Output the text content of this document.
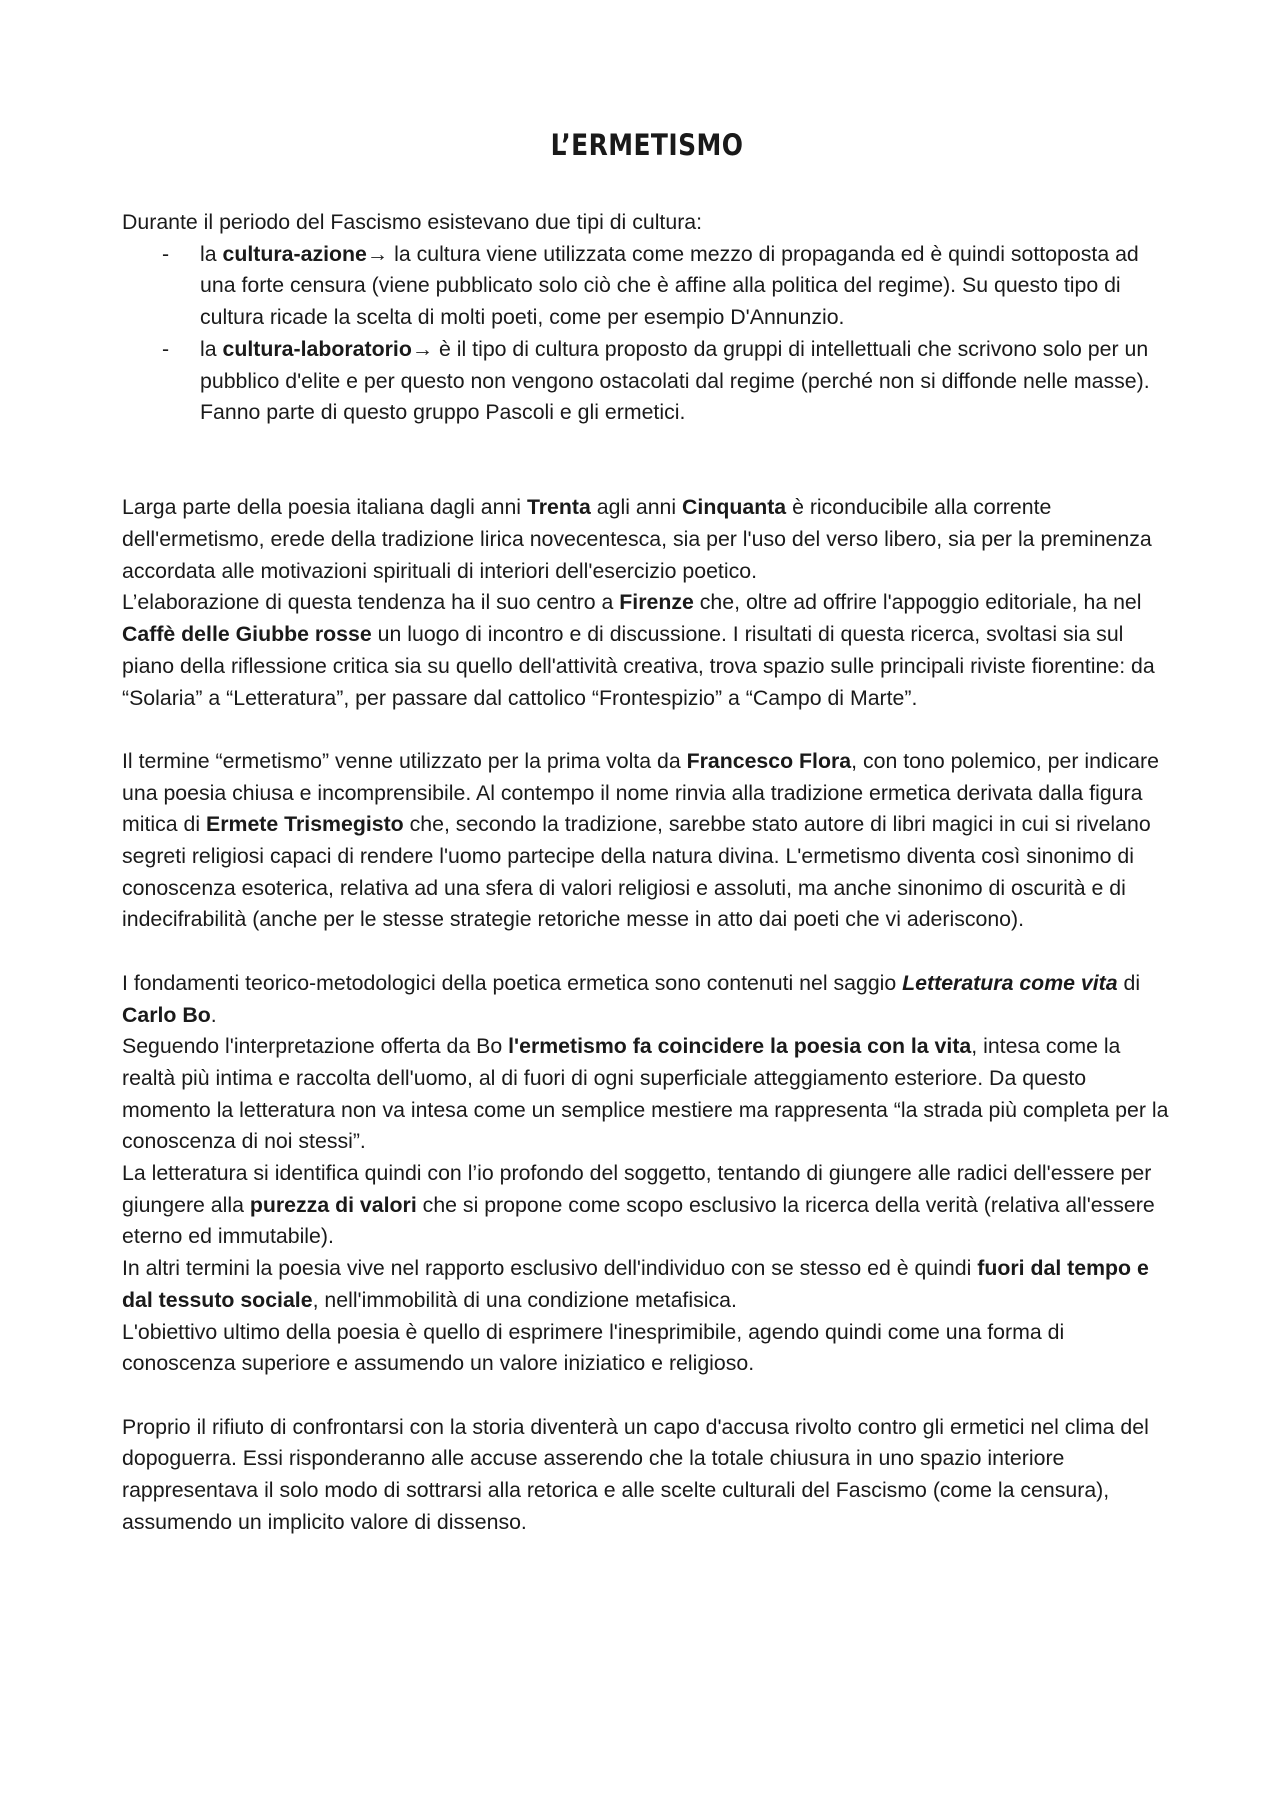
L’ERMETISMO

Durante il periodo del Fascismo esistevano due tipi di cultura:

- la cultura-azione→ la cultura viene utilizzata come mezzo di propaganda ed è quindi sottoposta ad una forte censura (viene pubblicato solo ciò che è affine alla politica del regime). Su questo tipo di cultura ricade la scelta di molti poeti, come per esempio D'Annunzio.
- la cultura-laboratorio→ è il tipo di cultura proposto da gruppi di intellettuali che scrivono solo per un pubblico d'elite e per questo non vengono ostacolati dal regime (perché non si diffonde nelle masse). Fanno parte di questo gruppo Pascoli e gli ermetici.

Larga parte della poesia italiana dagli anni Trenta agli anni Cinquanta è riconducibile alla corrente dell'ermetismo, erede della tradizione lirica novecentesca, sia per l'uso del verso libero, sia per la preminenza accordata alle motivazioni spirituali di interiori dell'esercizio poetico.

L’elaborazione di questa tendenza ha il suo centro a Firenze che, oltre ad offrire l'appoggio editoriale, ha nel Caffè delle Giubbe rosse un luogo di incontro e di discussione. I risultati di questa ricerca, svoltasi sia sul piano della riflessione critica sia su quello dell'attività creativa, trova spazio sulle principali riviste fiorentine: da “Solaria” a “Letteratura”, per passare dal cattolico “Frontespizio” a “Campo di Marte”.

Il termine “ermetismo” venne utilizzato per la prima volta da Francesco Flora, con tono polemico, per indicare una poesia chiusa e incomprensibile. Al contempo il nome rinvia alla tradizione ermetica derivata dalla figura mitica di Ermete Trismegisto che, secondo la tradizione, sarebbe stato autore di libri magici in cui si rivelano segreti religiosi capaci di rendere l'uomo partecipe della natura divina. L'ermetismo diventa così sinonimo di conoscenza esoterica, relativa ad una sfera di valori religiosi e assoluti, ma anche sinonimo di oscurità e di indecifrabilità (anche per le stesse strategie retoriche messe in atto dai poeti che vi aderiscono).

I fondamenti teorico-metodologici della poetica ermetica sono contenuti nel saggio Letteratura come vita di Carlo Bo.

Seguendo l'interpretazione offerta da Bo l'ermetismo fa coincidere la poesia con la vita, intesa come la realtà più intima e raccolta dell'uomo, al di fuori di ogni superficiale atteggiamento esteriore. Da questo momento la letteratura non va intesa come un semplice mestiere ma rappresenta “la strada più completa per la conoscenza di noi stessi”.

La letteratura si identifica quindi con l’io profondo del soggetto, tentando di giungere alle radici dell'essere per giungere alla purezza di valori che si propone come scopo esclusivo la ricerca della verità (relativa all'essere eterno ed immutabile).

In altri termini la poesia vive nel rapporto esclusivo dell'individuo con se stesso ed è quindi fuori dal tempo e dal tessuto sociale, nell'immobilità di una condizione metafisica.

L'obiettivo ultimo della poesia è quello di esprimere l'inesprimibile, agendo quindi come una forma di conoscenza superiore e assumendo un valore iniziatico e religioso.

Proprio il rifiuto di confrontarsi con la storia diventerà un capo d'accusa rivolto contro gli ermetici nel clima del dopoguerra. Essi risponderanno alle accuse asserendo che la totale chiusura in uno spazio interiore rappresentava il solo modo di sottrarsi alla retorica e alle scelte culturali del Fascismo (come la censura), assumendo un implicito valore di dissenso.
